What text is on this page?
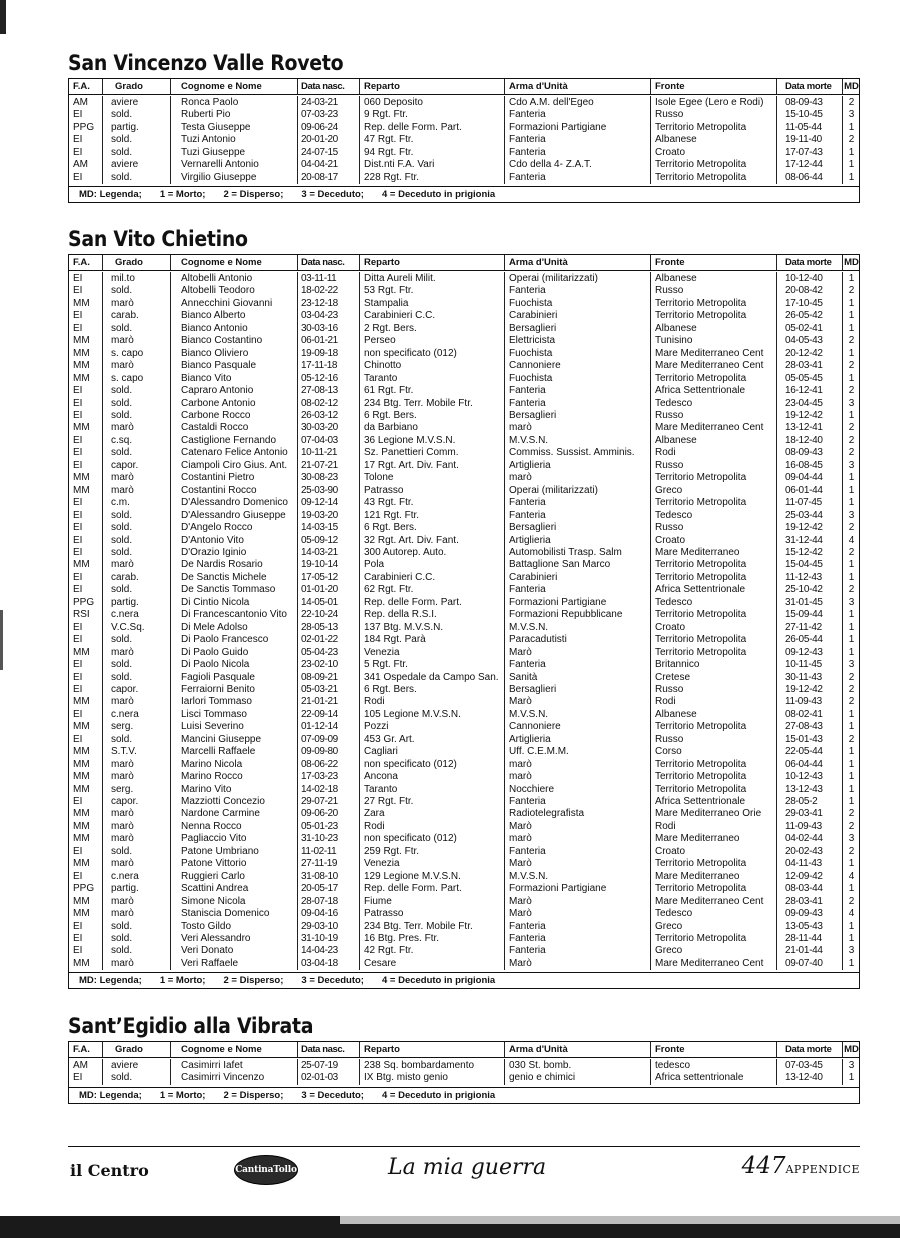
San Vincenzo Valle Roveto
F.A.	Grado	Cognome e Nome	Data nasc.	Reparto	Arma d'Unità	Fronte	Data morte	MD
AM	aviere	Ronca Paolo	24-03-21	060 Deposito	Cdo A.M. dell'Egeo	Isole Egee (Lero e Rodi)	08-09-43	2
EI	sold.	Ruberti Pio	07-03-23	9 Rgt. Ftr.	Fanteria	Russo	15-10-45	3
PPG	partig.	Testa Giuseppe	09-06-24	Rep. delle Form. Part.	Formazioni Partigiane	Territorio Metropolita	11-05-44	1
EI	sold.	Tuzi Antonio	20-01-20	47 Rgt. Ftr.	Fanteria	Albanese	19-11-40	2
EI	sold.	Tuzi Giuseppe	24-07-15	94 Rgt. Ftr.	Fanteria	Croato	17-07-43	1
AM	aviere	Vernarelli Antonio	04-04-21	Dist.nti F.A. Vari	Cdo della 4- Z.A.T.	Territorio Metropolita	17-12-44	1
EI	sold.	Virgilio Giuseppe	20-08-17	228 Rgt. Ftr.	Fanteria	Territorio Metropolita	08-06-44	1
MD: Legenda; 1 = Morto; 2 = Disperso; 3 = Deceduto; 4 = Deceduto in prigionia
San Vito Chietino
F.A.	Grado	Cognome e Nome	Data nasc.	Reparto	Arma d'Unità	Fronte	Data morte	MD
EI	mil.to	Altobelli Antonio	03-11-11	Ditta Aureli Milit.	Operai (militarizzati)	Albanese	10-12-40	1
EI	sold.	Altobelli Teodoro	18-02-22	53 Rgt. Ftr.	Fanteria	Russo	20-08-42	2
MM	marò	Annecchini Giovanni	23-12-18	Stampalia	Fuochista	Territorio Metropolita	17-10-45	1
EI	carab.	Bianco Alberto	03-04-23	Carabinieri C.C.	Carabinieri	Territorio Metropolita	26-05-42	1
EI	sold.	Bianco Antonio	30-03-16	2 Rgt. Bers.	Bersaglieri	Albanese	05-02-41	1
MM	marò	Bianco Costantino	06-01-21	Perseo	Elettricista	Tunisino	04-05-43	2
MM	s. capo	Bianco Oliviero	19-09-18	non specificato (012)	Fuochista	Mare Mediterraneo Cent	20-12-42	1
MM	marò	Bianco Pasquale	17-11-18	Chinotto	Cannoniere	Mare Mediterraneo Cent	28-03-41	2
MM	s. capo	Bianco Vito	05-12-16	Taranto	Fuochista	Territorio Metropolita	05-05-45	1
EI	sold.	Capraro Antonio	27-08-13	61 Rgt. Ftr.	Fanteria	Africa Settentrionale	16-12-41	2
EI	sold.	Carbone Antonio	08-02-12	234 Btg. Terr. Mobile Ftr.	Fanteria	Tedesco	23-04-45	3
EI	sold.	Carbone Rocco	26-03-12	6 Rgt. Bers.	Bersaglieri	Russo	19-12-42	1
MM	marò	Castaldi Rocco	30-03-20	da Barbiano	marò	Mare Mediterraneo Cent	13-12-41	2
EI	c.sq.	Castiglione Fernando	07-04-03	36 Legione M.V.S.N.	M.V.S.N.	Albanese	18-12-40	2
EI	sold.	Catenaro Felice Antonio	10-11-21	Sz. Panettieri Comm.	Commiss. Sussist. Amminis.	Rodi	08-09-43	2
EI	capor.	Ciampoli Ciro Gius. Ant.	21-07-21	17 Rgt. Art. Div. Fant.	Artiglieria	Russo	16-08-45	3
MM	marò	Costantini Pietro	30-08-23	Tolone	marò	Territorio Metropolita	09-04-44	1
MM	marò	Costantini Rocco	25-03-90	Patrasso	Operai (militarizzati)	Greco	06-01-44	1
EI	c.m.	D'Alessandro Domenico	09-12-14	43 Rgt. Ftr.	Fanteria	Territorio Metropolita	11-07-45	1
EI	sold.	D'Alessandro Giuseppe	19-03-20	121 Rgt. Ftr.	Fanteria	Tedesco	25-03-44	3
EI	sold.	D'Angelo Rocco	14-03-15	6 Rgt. Bers.	Bersaglieri	Russo	19-12-42	2
EI	sold.	D'Antonio Vito	05-09-12	32 Rgt. Art. Div. Fant.	Artiglieria	Croato	31-12-44	4
EI	sold.	D'Orazio Iginio	14-03-21	300 Autorep. Auto.	Automobilisti Trasp. Salm	Mare Mediterraneo	15-12-42	2
MM	marò	De Nardis Rosario	19-10-14	Pola	Battaglione San Marco	Territorio Metropolita	15-04-45	1
EI	carab.	De Sanctis Michele	17-05-12	Carabinieri C.C.	Carabinieri	Territorio Metropolita	11-12-43	1
EI	sold.	De Sanctis Tommaso	01-01-20	62 Rgt. Ftr.	Fanteria	Africa Settentrionale	25-10-42	2
PPG	partig.	Di Cintio Nicola	14-05-01	Rep. delle Form. Part.	Formazioni Partigiane	Tedesco	31-01-45	3
RSI	c.nera	Di Francescantonio Vito	22-10-24	Rep. della R.S.I.	Formazioni Repubblicane	Territorio Metropolita	15-09-44	1
EI	V.C.Sq.	Di Mele Adolso	28-05-13	137 Btg. M.V.S.N.	M.V.S.N.	Croato	27-11-42	1
EI	sold.	Di Paolo Francesco	02-01-22	184 Rgt. Parà	Paracadutisti	Territorio Metropolita	26-05-44	1
MM	marò	Di Paolo Guido	05-04-23	Venezia	Marò	Territorio Metropolita	09-12-43	1
EI	sold.	Di Paolo Nicola	23-02-10	5 Rgt. Ftr.	Fanteria	Britannico	10-11-45	3
EI	sold.	Fagioli Pasquale	08-09-21	341 Ospedale da Campo San.	Sanità	Cretese	30-11-43	2
EI	capor.	Ferraiorni Benito	05-03-21	6 Rgt. Bers.	Bersaglieri	Russo	19-12-42	2
MM	marò	Iarlori Tommaso	21-01-21	Rodi	Marò	Rodi	11-09-43	2
EI	c.nera	Lisci Tommaso	22-09-14	105 Legione M.V.S.N.	M.V.S.N.	Albanese	08-02-41	1
MM	serg.	Luisi Severino	01-12-14	Pozzi	Cannoniere	Territorio Metropolita	27-08-43	1
EI	sold.	Mancini Giuseppe	07-09-09	453 Gr. Art.	Artiglieria	Russo	15-01-43	2
MM	S.T.V.	Marcelli Raffaele	09-09-80	Cagliari	Uff. C.E.M.M.	Corso	22-05-44	1
MM	marò	Marino Nicola	08-06-22	non specificato (012)	marò	Territorio Metropolita	06-04-44	1
MM	marò	Marino Rocco	17-03-23	Ancona	marò	Territorio Metropolita	10-12-43	1
MM	serg.	Marino Vito	14-02-18	Taranto	Nocchiere	Territorio Metropolita	13-12-43	1
EI	capor.	Mazziotti Concezio	29-07-21	27 Rgt. Ftr.	Fanteria	Africa Settentrionale	28-05-2	1
MM	marò	Nardone Carmine	09-06-20	Zara	Radiotelegrafista	Mare Mediterraneo Orie	29-03-41	2
MM	marò	Nenna Rocco	05-01-23	Rodi	Marò	Rodi	11-09-43	2
MM	marò	Pagliaccio Vito	31-10-23	non specificato (012)	marò	Mare Mediterraneo	04-02-44	3
EI	sold.	Patone Umbriano	11-02-11	259 Rgt. Ftr.	Fanteria	Croato	20-02-43	2
MM	marò	Patone Vittorio	27-11-19	Venezia	Marò	Territorio Metropolita	04-11-43	1
EI	c.nera	Ruggieri Carlo	31-08-10	129 Legione M.V.S.N.	M.V.S.N.	Mare Mediterraneo	12-09-42	4
PPG	partig.	Scattini Andrea	20-05-17	Rep. delle Form. Part.	Formazioni Partigiane	Territorio Metropolita	08-03-44	1
MM	marò	Simone Nicola	28-07-18	Fiume	Marò	Mare Mediterraneo Cent	28-03-41	2
MM	marò	Staniscia Domenico	09-04-16	Patrasso	Marò	Tedesco	09-09-43	4
EI	sold.	Tosto Gildo	29-03-10	234 Btg. Terr. Mobile Ftr.	Fanteria	Greco	13-05-43	1
EI	sold.	Veri Alessandro	31-10-19	16 Btg. Pres. Ftr.	Fanteria	Territorio Metropolita	28-11-44	1
EI	sold.	Veri Donato	14-04-23	42 Rgt. Ftr.	Fanteria	Greco	21-01-44	3
MM	marò	Veri Raffaele	03-04-18	Cesare	Marò	Mare Mediterraneo Cent	09-07-40	1
MD: Legenda; 1 = Morto; 2 = Disperso; 3 = Deceduto; 4 = Deceduto in prigionia
Sant’Egidio alla Vibrata
F.A.	Grado	Cognome e Nome	Data nasc.	Reparto	Arma d'Unità	Fronte	Data morte	MD
AM	aviere	Casimirri Iafet	25-07-19	238 Sq. bombardamento	030 St. bomb.	tedesco	07-03-45	3
EI	sold.	Casimirri Vincenzo	02-01-03	IX Btg. misto genio	genio e chimici	Africa settentrionale	13-12-40	1
MD: Legenda; 1 = Morto; 2 = Disperso; 3 = Deceduto; 4 = Deceduto in prigionia
il Centro	CantinaTollo	La mia guerra	447APPENDICE
